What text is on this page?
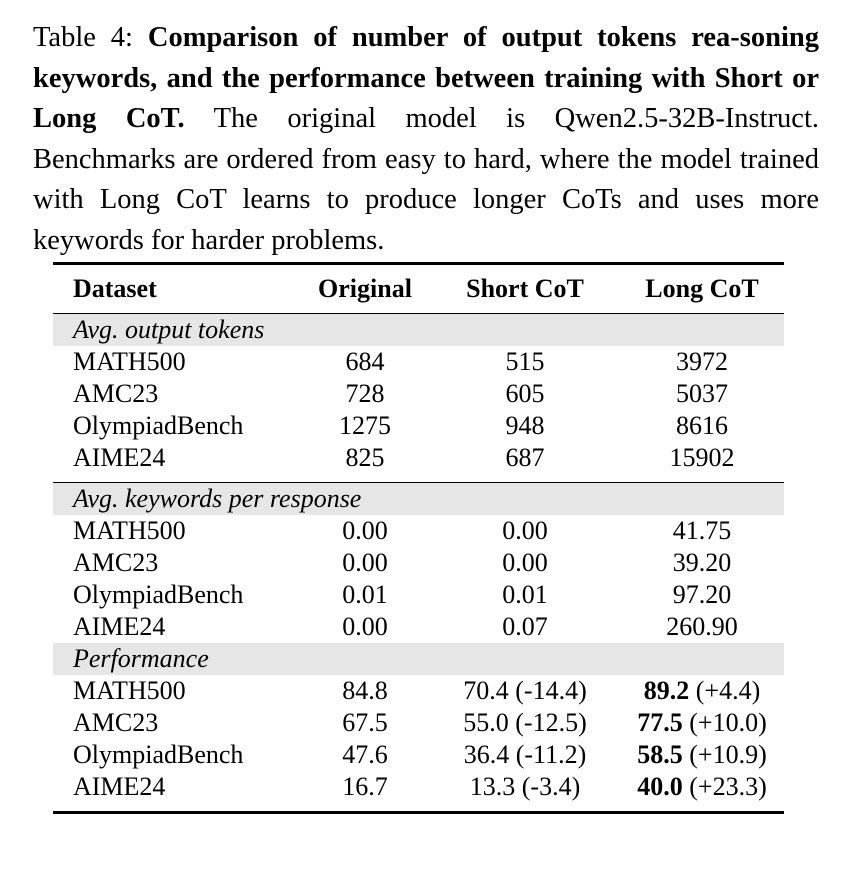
Table 4: Comparison of number of output tokens rea-soning keywords, and the performance between training with Short or Long CoT. The original model is Qwen2.5-32B-Instruct. Benchmarks are ordered from easy to hard, where the model trained with Long CoT learns to produce longer CoTs and uses more keywords for harder problems.
Dataset	Original	Short CoT	Long CoT
Avg. output tokens			
MATH500	684	515	3972
AMC23	728	605	5037
OlympiadBench	1275	948	8616
AIME24	825	687	15902

Avg. keywords per response			
MATH500	0.00	0.00	41.75
AMC23	0.00	0.00	39.20
OlympiadBench	0.01	0.01	97.20
AIME24	0.00	0.07	260.90
Performance			
MATH500	84.8	70.4 (-14.4)	89.2 (+4.4)
AMC23	67.5	55.0 (-12.5)	77.5 (+10.0)
OlympiadBench	47.6	36.4 (-11.2)	58.5 (+10.9)
AIME24	16.7	13.3 (-3.4)	40.0 (+23.3)
